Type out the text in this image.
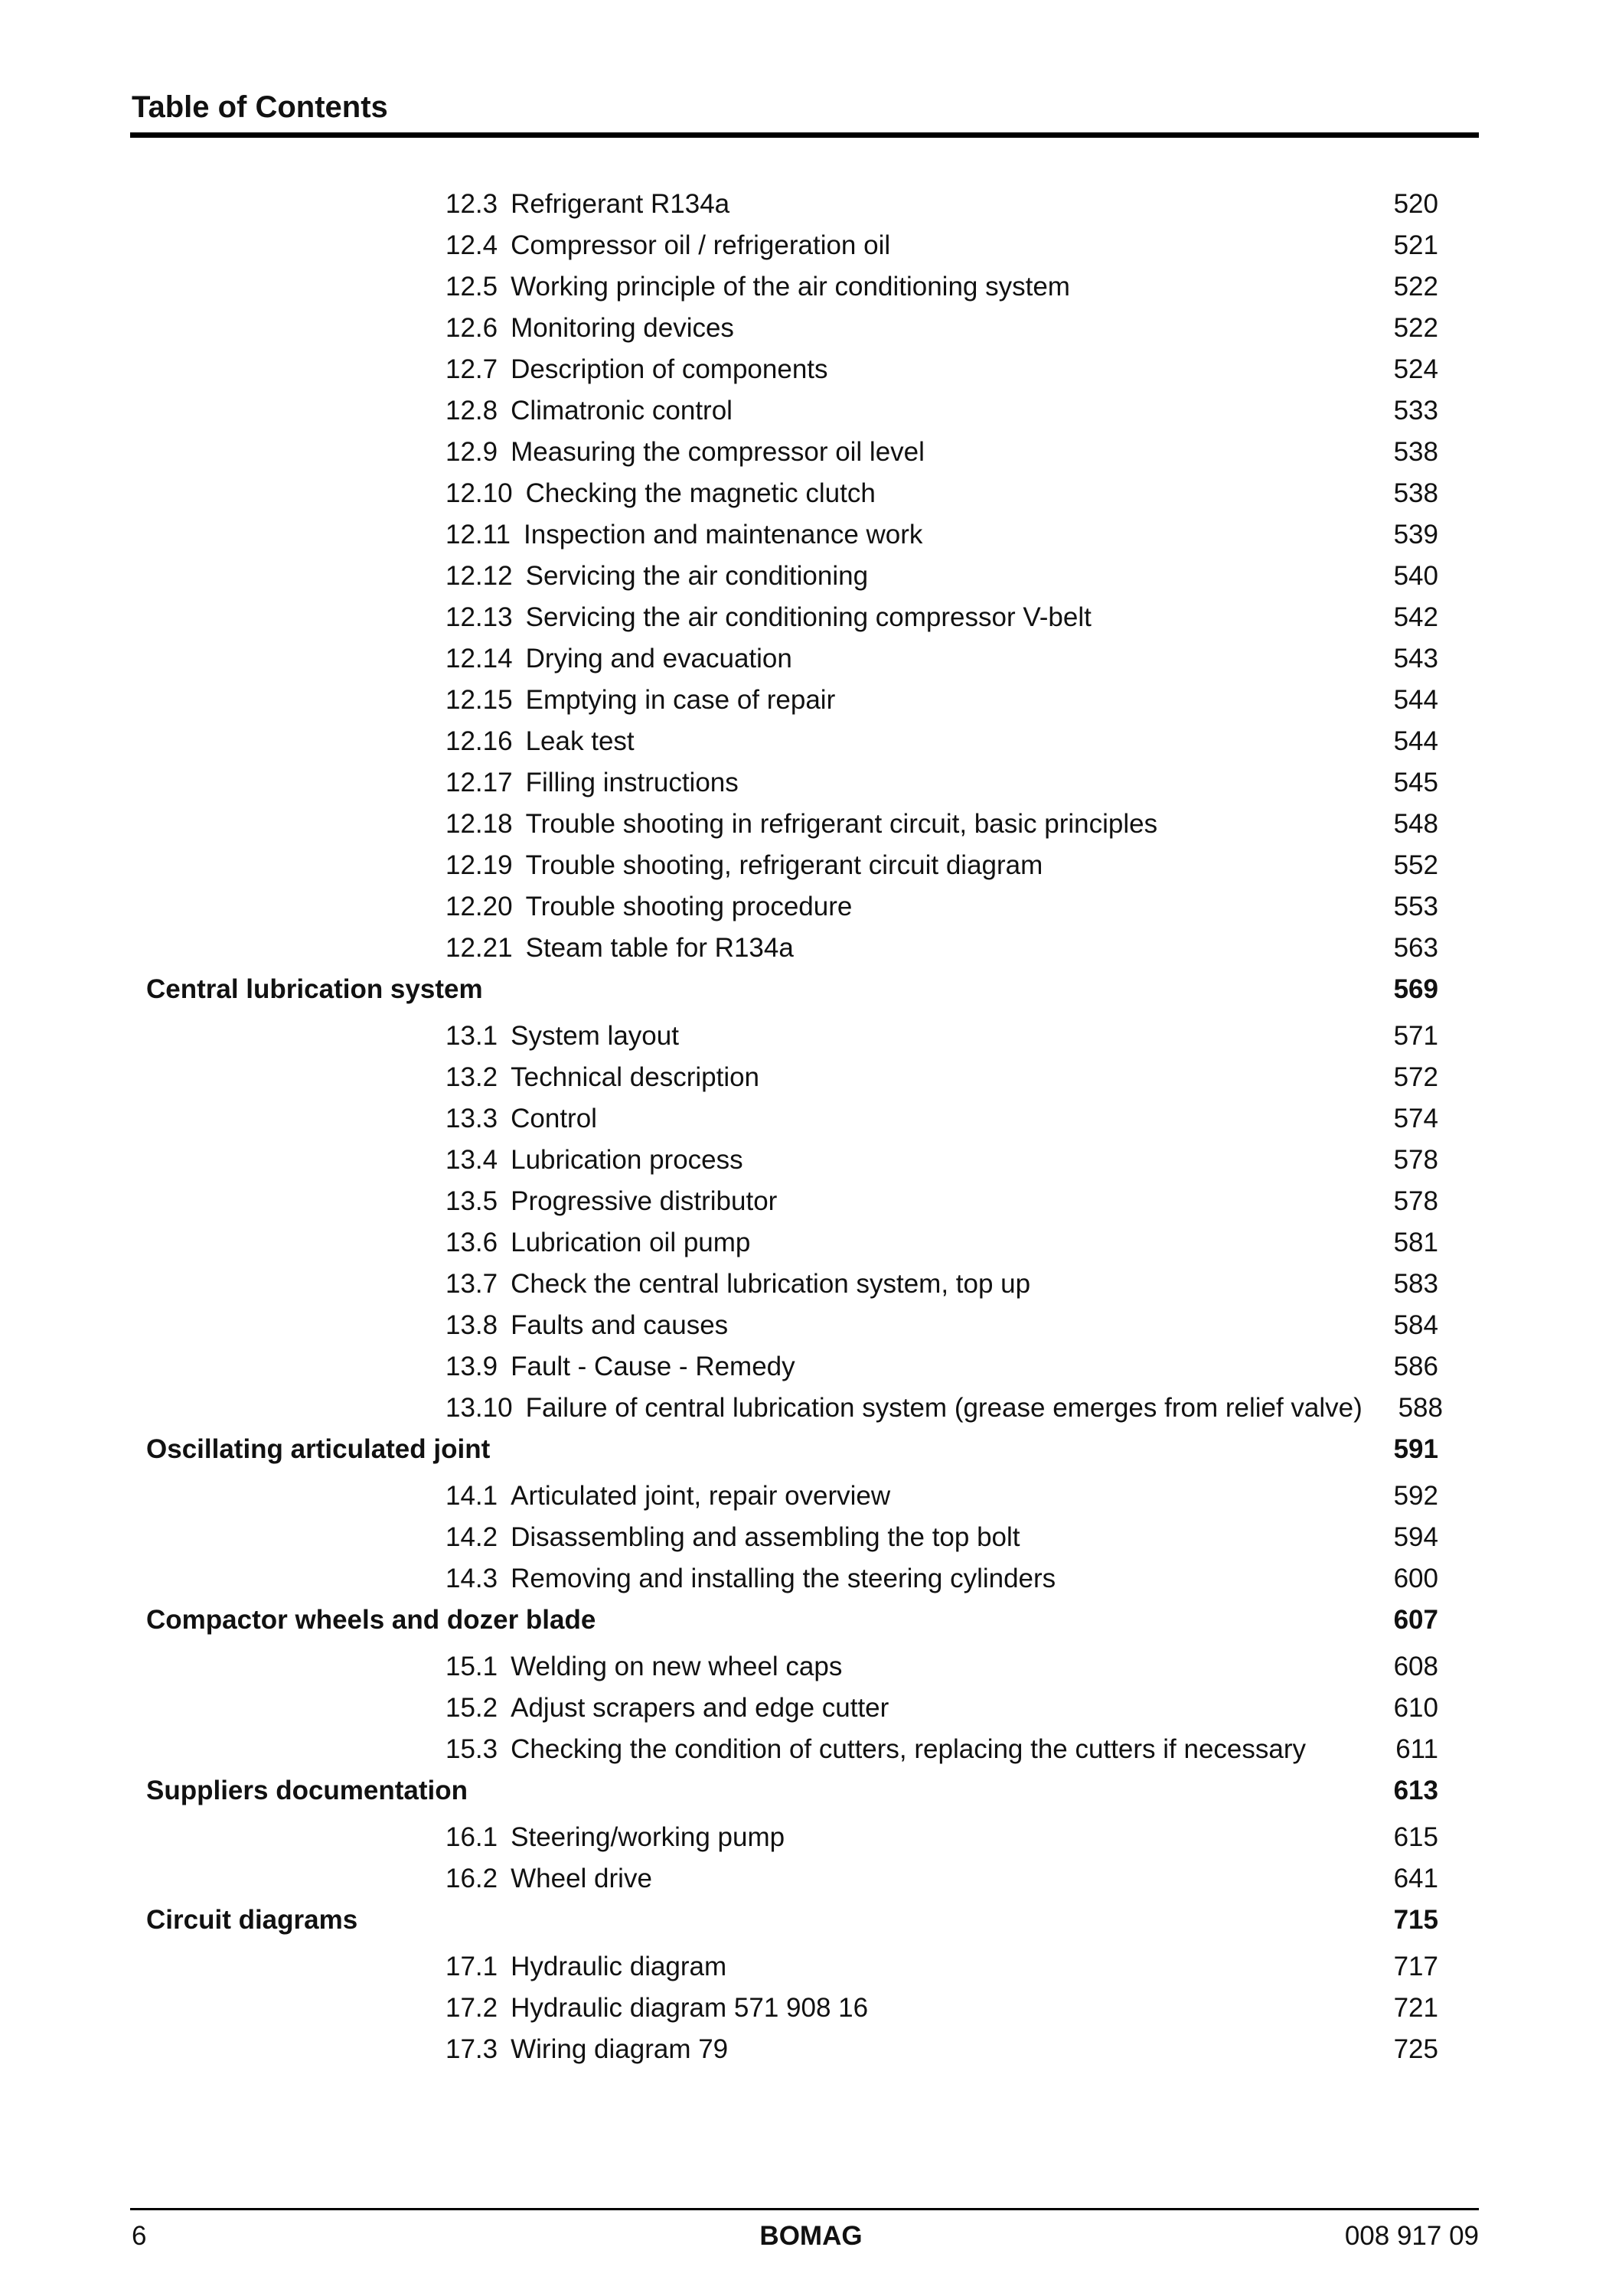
Table of Contents
12.3 Refrigerant R134a	520
12.4 Compressor oil / refrigeration oil	521
12.5 Working principle of the air conditioning system	522
12.6 Monitoring devices	522
12.7 Description of components	524
12.8 Climatronic control	533
12.9 Measuring the compressor oil level	538
12.10 Checking the magnetic clutch	538
12.11 Inspection and maintenance work	539
12.12 Servicing the air conditioning	540
12.13 Servicing the air conditioning compressor V-belt	542
12.14 Drying and evacuation	543
12.15 Emptying in case of repair	544
12.16 Leak test	544
12.17 Filling instructions	545
12.18 Trouble shooting in refrigerant circuit, basic principles	548
12.19 Trouble shooting, refrigerant circuit diagram	552
12.20 Trouble shooting procedure	553
12.21 Steam table for R134a	563
Central lubrication system	569
13.1 System layout	571
13.2 Technical description	572
13.3 Control	574
13.4 Lubrication process	578
13.5 Progressive distributor	578
13.6 Lubrication oil pump	581
13.7 Check the central lubrication system, top up	583
13.8 Faults and causes	584
13.9 Fault - Cause - Remedy	586
13.10 Failure of central lubrication system (grease emerges from relief valve) 588
Oscillating articulated joint	591
14.1 Articulated joint, repair overview	592
14.2 Disassembling and assembling the top bolt	594
14.3 Removing and installing the steering cylinders	600
Compactor wheels and dozer blade	607
15.1 Welding on new wheel caps	608
15.2 Adjust scrapers and edge cutter	610
15.3 Checking the condition of cutters, replacing the cutters if necessary	611
Suppliers documentation	613
16.1 Steering/working pump	615
16.2 Wheel drive	641
Circuit diagrams	715
17.1 Hydraulic diagram	717
17.2 Hydraulic diagram 571 908 16	721
17.3 Wiring diagram 79	725
6	BOMAG	008 917 09
